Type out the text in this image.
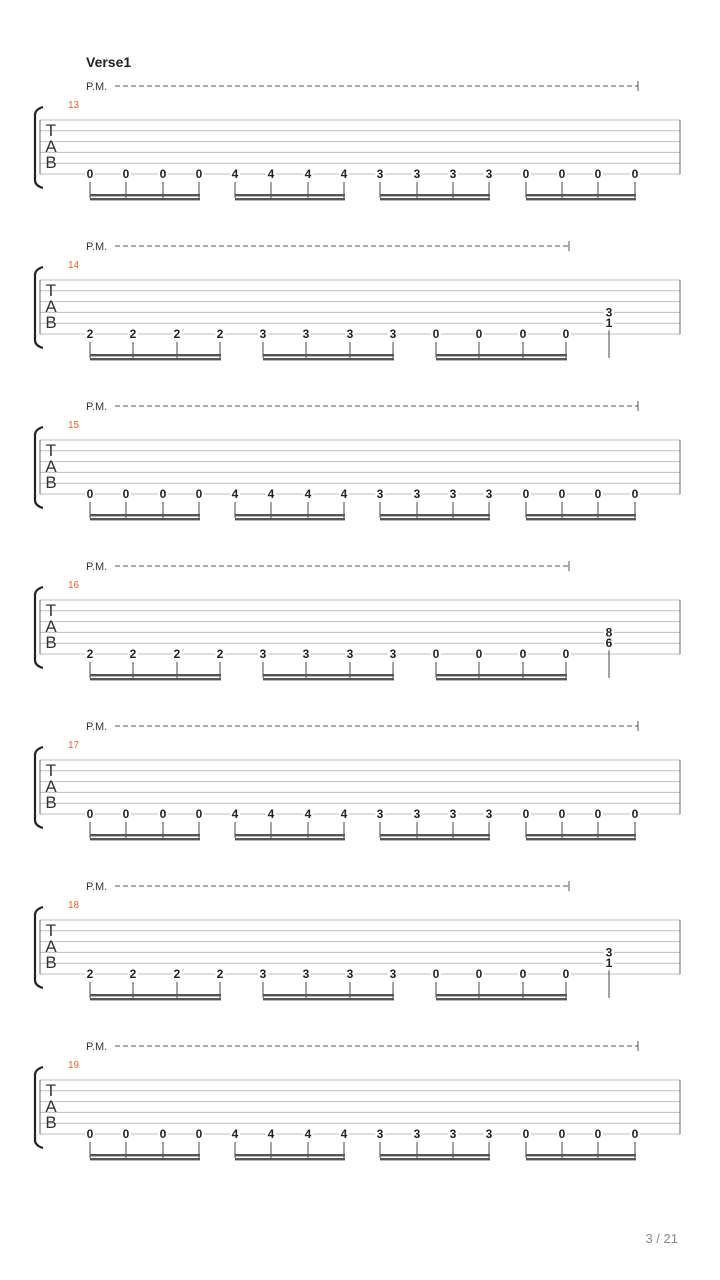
Verse1
P.M.
13
T
A
B
0 0	0 0 4 4	4 4 3	3 3 3	0 0 0	0
P.M.
14
T
A
B
2	2	2	2	3	3	3	3	0	0	0	0
3
1
P.M.
15
T
A
B
0 0	0 0 4 4	4 4 3	3 3 3	0 0 0	0
P.M.
16
T
A
B
2	2	2	2	3	3	3	3	0	0	0	0
8
6
P.M.
17
T
A
B
0 0	0 0 4 4	4 4 3	3 3 3	0 0 0	0
P.M.
18
T
A
B
2	2	2	2	3	3	3	3	0	0	0	0
3
1
P.M.
19
T
A
B
0 0	0 0 4 4	4 4 3	3 3 3	0 0 0	0
3 / 21
